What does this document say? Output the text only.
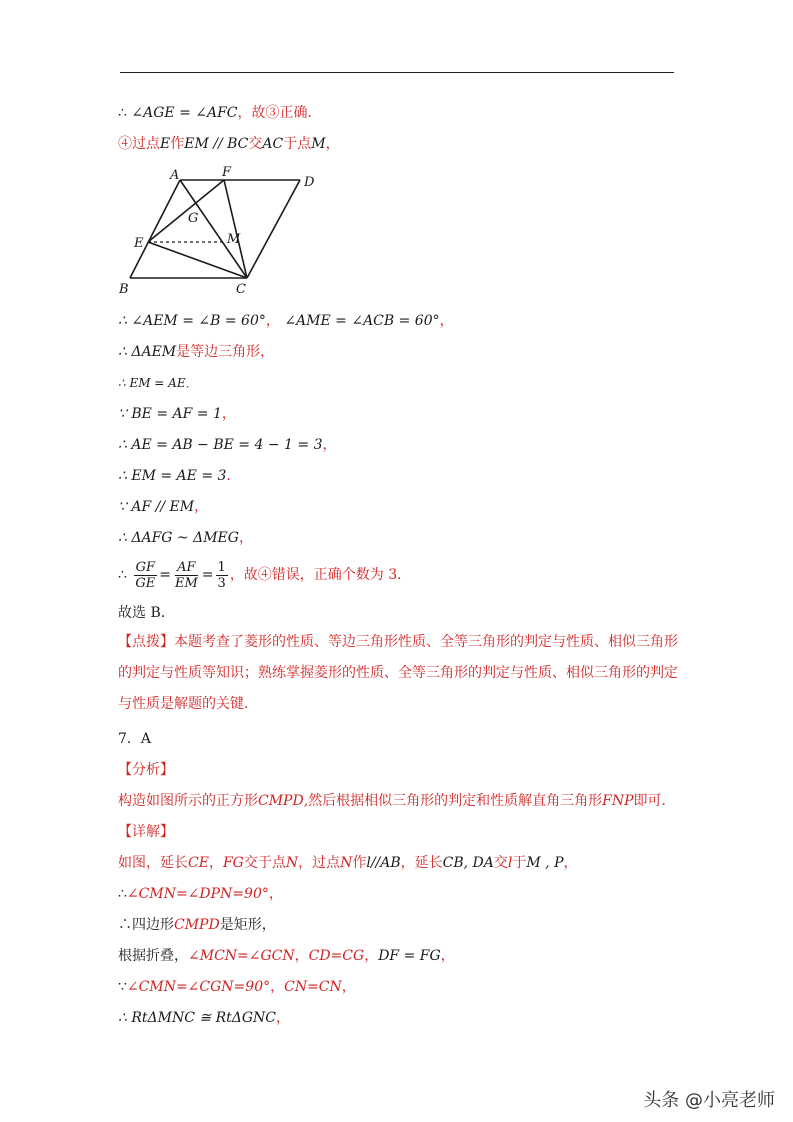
∴ ∠AGE = ∠AFC，故③正确．
④过点E作EM // BC交AC于点M，
A	F
D
G
E	M
B	C
∴ ∠AEM = ∠B = 60°， ∠AME = ∠ACB = 60°，
∴ ΔAEM是等边三角形，
∴ EM = AE．
∵ BE = AF = 1，
∴ AE = AB − BE = 4 − 1 = 3，
∴ EM = AE = 3．
∵ AF // EM，
∴ ΔAFG ~ ΔMEG，
∴ $\frac{GF}{GE} = \frac{AF}{EM} = \frac{1}{3}$ ，故④错误，正确个数为 3．
故选 B．
【点拨】本题考查了菱形的性质、等边三角形性质、全等三角形的判定与性质、相似三角形的判定与性质等知识；熟练掌握菱形的性质、全等三角形的判定与性质、相似三角形的判定与性质是解题的关键．
7．A
【分析】
构造如图所示的正方形CMPD,然后根据相似三角形的判定和性质解直角三角形FNP即可．
【详解】
如图，延长CE，FG交于点N，过点N作l//AB，延长CB, DA交l于M , P，
∴∠CMN=∠DPN=90°，
∴四边形CMPD是矩形，
根据折叠，∠MCN=∠GCN，CD=CG，DF = FG，
∵∠CMN=∠CGN=90°，CN=CN，
∴ RtΔMNC ≅ RtΔGNC，
头条 @小亮老师
